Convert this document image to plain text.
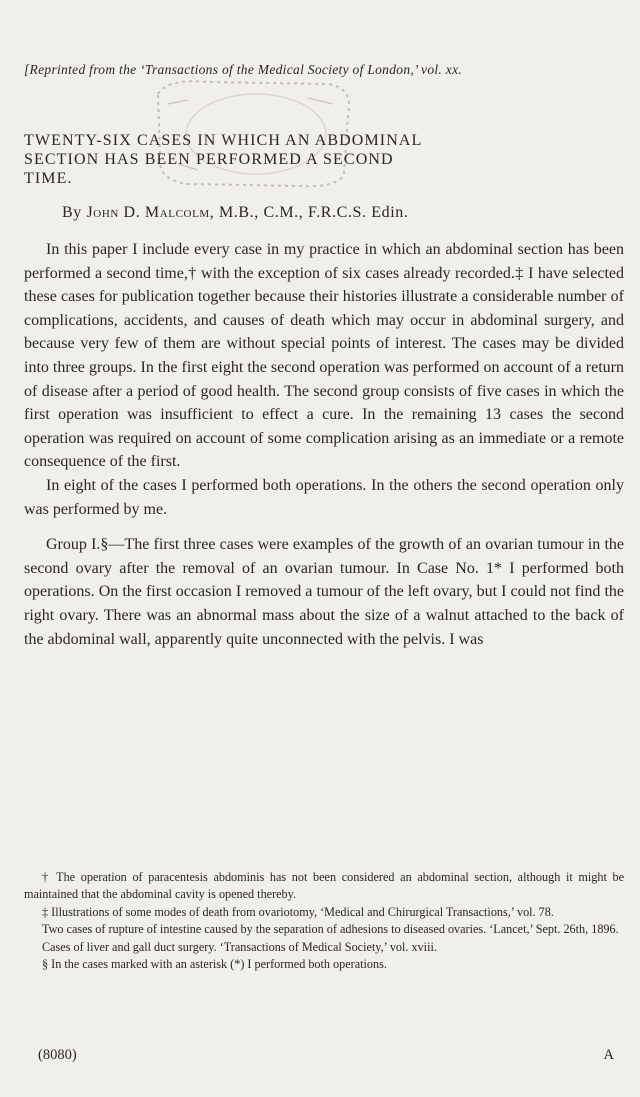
[Reprinted from the ‘Transactions of the Medical Society of London,’ vol. xx.
TWENTY-SIX CASES IN WHICH AN ABDOMINAL
SECTION HAS BEEN PERFORMED A SECOND
TIME.
By John D. Malcolm, M.B., C.M., F.R.C.S. Edin.

In this paper I include every case in my practice in which an abdominal section has been performed a second time,† with the exception of six cases already recorded.‡ I have selected these cases for publication together because their histories illustrate a considerable number of complications, accidents, and causes of death which may occur in abdominal surgery, and because very few of them are without special points of interest. The cases may be divided into three groups. In the first eight the second operation was performed on account of a return of disease after a period of good health. The second group consists of five cases in which the first operation was insufficient to effect a cure. In the remaining 13 cases the second operation was required on account of some complication arising as an immediate or a remote consequence of the first.

In eight of the cases I performed both operations. In the others the second operation only was performed by me.

Group I.§—The first three cases were examples of the growth of an ovarian tumour in the second ovary after the removal of an ovarian tumour. In Case No. 1* I performed both operations. On the first occasion I removed a tumour of the left ovary, but I could not find the right ovary. There was an abnormal mass about the size of a walnut attached to the back of the abdominal wall, apparently quite unconnected with the pelvis. I was

† The operation of paracentesis abdominis has not been considered an abdominal section, although it might be maintained that the abdominal cavity is opened thereby.

‡ Illustrations of some modes of death from ovariotomy, ‘Medical and Chirurgical Transactions,’ vol. 78.

Two cases of rupture of intestine caused by the separation of adhesions to diseased ovaries. ‘Lancet,’ Sept. 26th, 1896.

Cases of liver and gall duct surgery. ‘Transactions of Medical Society,’ vol. xviii.

§ In the cases marked with an asterisk (*) I performed both operations.

(8080)	A
